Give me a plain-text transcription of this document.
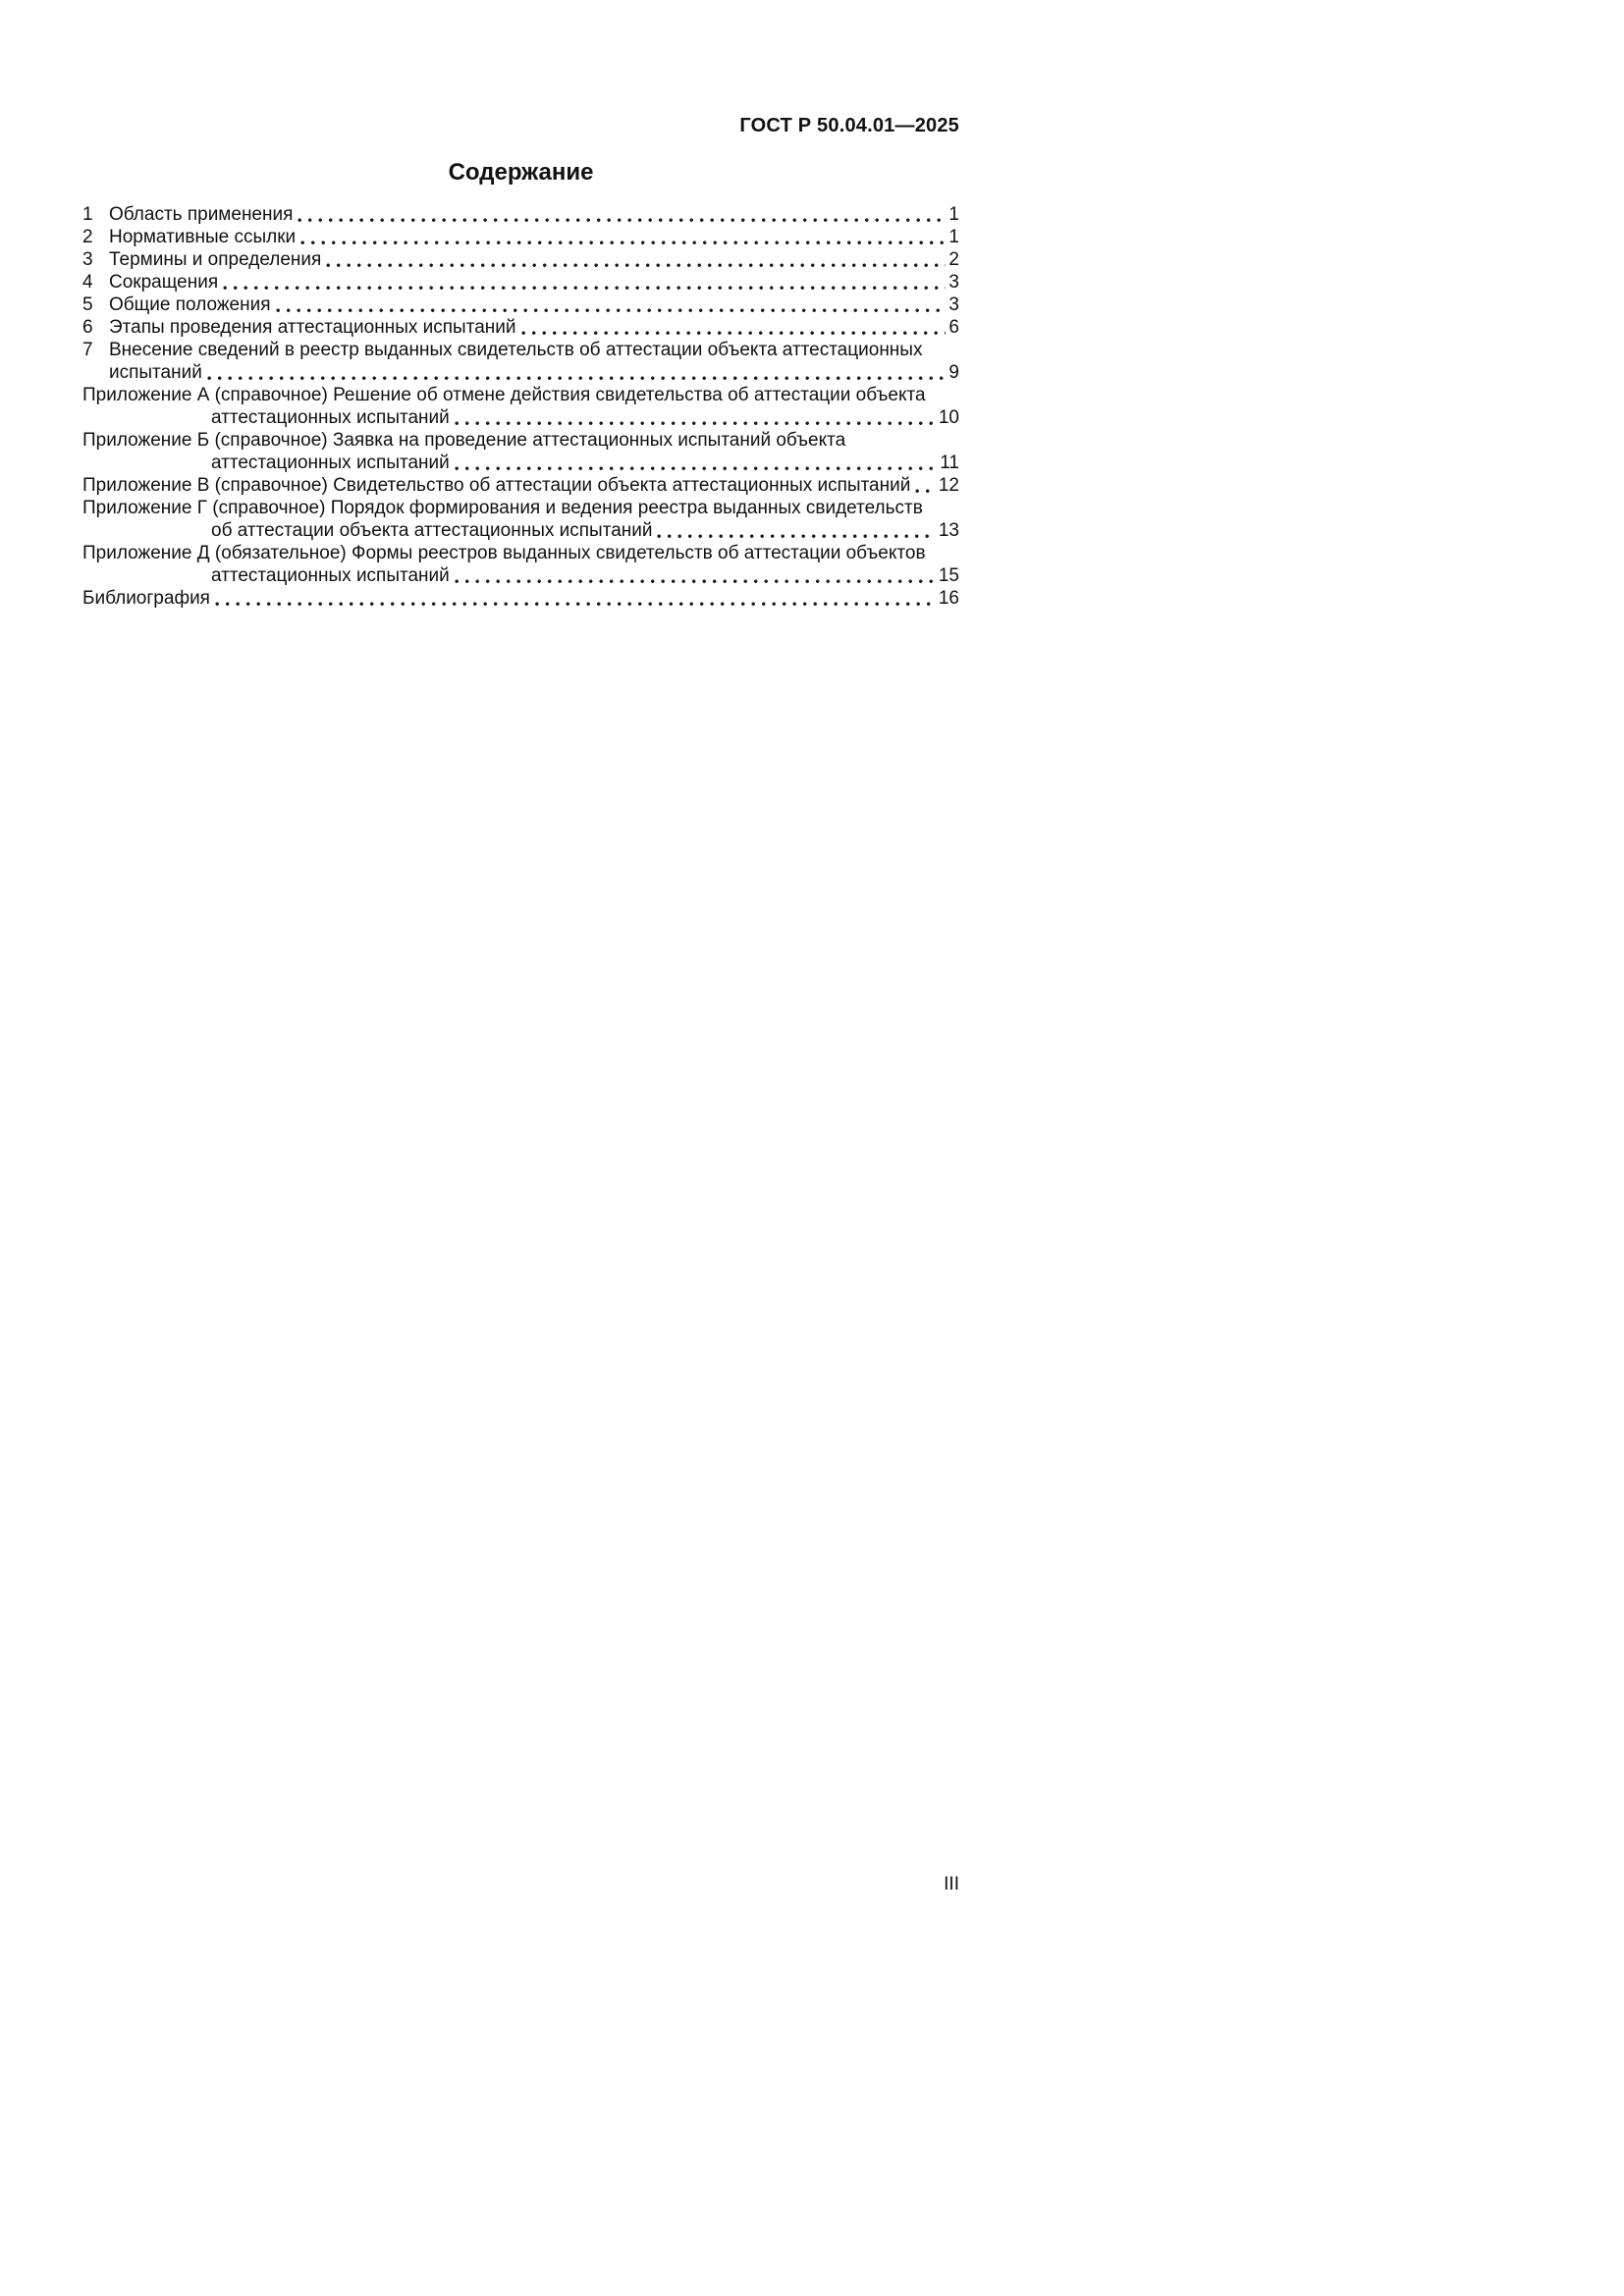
ГОСТ Р 50.04.01—2025
Содержание
1 Область применения	1
2 Нормативные ссылки	1
3 Термины и определения	2
4 Сокращения	3
5 Общие положения	3
6 Этапы проведения аттестационных испытаний	6
7 Внесение сведений в реестр выданных свидетельств об аттестации объекта аттестационных
испытаний	9
Приложение А (справочное) Решение об отмене действия свидетельства об аттестации объекта
аттестационных испытаний	10
Приложение Б (справочное) Заявка на проведение аттестационных испытаний объекта
аттестационных испытаний	11
Приложение В (справочное) Свидетельство об аттестации объекта аттестационных испытаний 12
Приложение Г (справочное) Порядок формирования и ведения реестра выданных свидетельств
об аттестации объекта аттестационных испытаний	13
Приложение Д (обязательное) Формы реестров выданных свидетельств об аттестации объектов
аттестационных испытаний	15
Библиография	16
III
